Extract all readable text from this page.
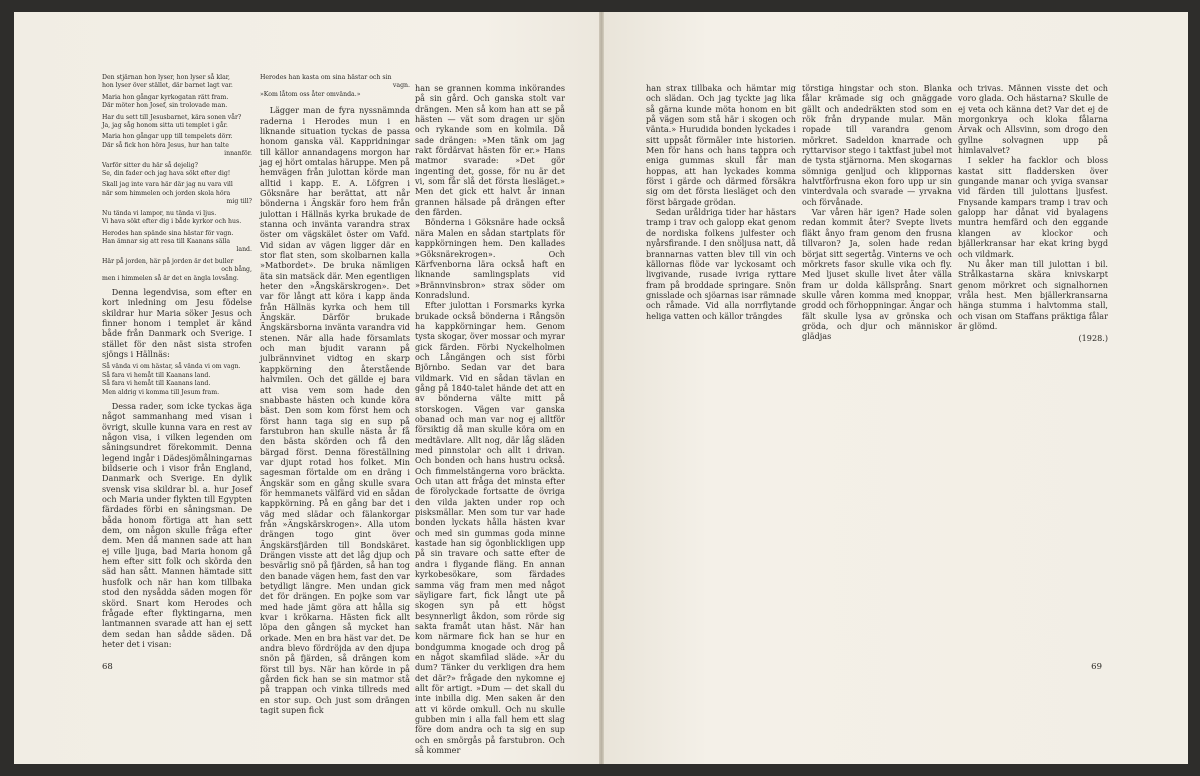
Den stjärnan hon lyser, hon lyser så klar,
hon lyser över stället, där barnet lagt var.
Maria hon gångar kyrkogatan rätt fram.
Där möter hon Josef, sin trolovade man.
Har du sett till Jesusbarnet, kära sonen vår?
Ja, jag såg honom sitta uti templet i går.
Maria hon gångar upp till tempelets dörr.
Där så fick hon höra Jesus, hur han talte
innanför.
Varför sitter du här så dejelig?
Se, din fader och jag hava sökt efter dig!
Skall jag inte vara här där jag nu vara vill
när som himmelen och jorden skola höra
mig till?
Nu tända vi lampor, nu tända vi ljus.
Vi hava sökt efter dig i både kyrkor och hus.
Herodes han spände sina hästar för vagn.
Han ämnar sig att resa till Kaanans sälla
land.
Här på jorden, här på jorden är det buller
och bång,
men i himmelen så är det en ängla lovsång.

Denna legendvisa, som efter en kort inledning om Jesu födelse skildrar hur Maria söker Jesus och finner honom i templet är känd både från Danmark och Sverige. I stället för den näst sista strofen sjöngs i Hällnäs:

Så vända vi om hästar, så vända vi om vagn.
Så fara vi hemåt till Kaanans land.
Så fara vi hemåt till Kaanans land.
Men aldrig vi komma till Jesum fram.

Dessa rader, som icke tyckas äga något sammanhang med visan i övrigt, skulle kunna vara en rest av någon visa, i vilken legenden om såningsundret förekommit. Denna legend ingår i Dädesjömålningarnas bildserie och i visor från England, Danmark och Sverige. En dylik svensk visa skildrar bl. a. hur Josef och Maria under flykten till Egypten färdades förbi en såningsman. De båda honom förtiga att han sett dem, om någon skulle fråga efter dem. Men då mannen sade att han ej ville ljuga, bad Maria honom gå hem efter sitt folk och skörda den säd han sått. Mannen hämtade sitt husfolk och när han kom tillbaka stod den nysådda säden mogen för skörd. Snart kom Herodes och frågade efter flyktingarna, men lantmannen svarade att han ej sett dem sedan han sådde säden. Då heter det i visan:

Herodes han kasta om sina hästar och sin
vagn.
»Kom låtom oss åter omvända.»

Lägger man de fyra nyssnämnda raderna i Herodes mun i en liknande situation tyckas de passa honom ganska väl. Kappridningar till källor annandagens morgon har jag ej hört omtalas häruppe. Men på hemvägen från julottan körde man alltid i kapp. E. A. Löfgren i Göksnäre har berättat, att når bönderna i Ängskär foro hem från julottan i Hällnäs kyrka brukade de stanna och invänta varandra strax öster om vägskälet öster om Vafd. Vid sidan av vägen ligger där en stor flat sten, som skolbarnen kalla »Matbordet». De bruka nämligen äta sin matsäck där. Men egentligen heter den »Ångskärskrogen». Det var för långt att köra i kapp ända från Hällnäs kyrka och hem till Ängskär. Därför brukade Ängskärsborna invänta varandra vid stenen. När alla hade församlats och man bjudit varann på julbrännvinet vidtog en skarp kappkörning den återstående halvmilen. Och det gällde ej bara att visa vem som hade den snabbaste hästen och kunde köra bäst. Den som kom först hem och först hann taga sig en sup på farstubron han skulle nästa år få den bästa skörden och få den bärgad först. Denna föreställning var djupt rotad hos folket. Min sagesman förtalde om en dräng i Ängskär som en gång skulle svara för hemmanets välfärd vid en sådan kappkörning. På en gång bar det i väg med slädar och fälankorgar från »Ängskärskrogen». Alla utom drängen togo gint över Ängskärsfjärden till Bondskäret. Drängen visste att det låg djup och besvärlig snö på fjärden, så han tog den banade vägen hem, fast den var betydligt längre. Men undan gick det för drängen. En pojke som var med hade jämt göra att hålla sig kvar i krökarna. Hästen fick allt löpa den gången så mycket han orkade. Men en bra häst var det. De andra blevo fördröjda av den djupa snön på fjärden, så drängen kom först till bys. När han körde in på gården fick han se sin matmor stå på trappan och vinka tillreds med en stor sup. Och just som drängen tagit supen fick

han se grannen komma inkörandes på sin gård. Och ganska stolt var drängen. Men så kom han att se på hästen — vät som dragen ur sjön och rykande som en kolmila. Då sade drängen: »Men tänk om jag rakt fördärvat hästen för er.» Hans matmor svarade: »Det gör ingenting det, gosse, för nu är det vi, som får slå det första liesläget.» Men det gick ett halvt år innan grannen hälsade på drängen efter den färden.

Bönderna i Göksnäre hade också nära Malen en sådan startplats för kappkörningen hem. Den kallades »Göksnärekrogen». Och Kärfvenborna lära också haft en liknande samlingsplats vid »Brännvinsbron» strax söder om Konradslund.

Efter julottan i Forsmarks kyrka brukade också bönderna i Rångsön ha kappkörningar hem. Genom tysta skogar, över mossar och myrar gick färden. Förbi Nyckelholmen och Långängen och sist förbi Björnbo. Sedan var det bara vildmark. Vid en sådan tävlan en gång på 1840-talet hände det att en av bönderna välte mitt på storskogen. Vägen var ganska obanad och man var nog ej alltför försiktig då man skulle köra om en medtävlare. Allt nog, där låg släden med pinnstolar och allt i drivan. Och bonden och hans hustru också. Och fimmelstängerna voro bräckta. Och utan att fråga det minsta efter de förolyckade fortsatte de övriga den vilda jakten under rop och pisksmällar. Men som tur var hade bonden lyckats hålla hästen kvar och med sin gummas goda minne kastade han sig ögonblickligen upp på sin travare och satte efter de andra i flygande fläng. En annan kyrkobesökare, som färdades samma väg fram men med något säyligare fart, fick långt ute på skogen syn på ett högst besynnerligt åkdon, som rörde sig sakta framåt utan häst. När han kom närmare fick han se hur en bondgumma knogade och drog på en något skamfilad släde. »Är du dum? Tänker du verkligen dra hem det där?» frågade den nykomne ej allt för artigt. »Dum — det skall du inte inbilla dig. Men saken är den att vi körde omkull. Och nu skulle gubben min i alla fall hem ett slag före dom andra och ta sig en sup och en smörgås på farstubron. Och så kommer

68

han strax tillbaka och hämtar mig och slädan. Och jag tyckte jag lika så gärna kunde möta honom en bit på vägen som stå här i skogen och vänta.» Hurudida bonden lyckades i sitt uppsåt förmäler inte historien. Men för hans och hans tappra och eniga gummas skull får man hoppas, att han lyckades komma först i gärde och därmed försäkra sig om det första liesläget och den först bärgade grödan.

Sedan uråldriga tider har hästars tramp i trav och galopp ekat genom de nordiska folkens julfester och nyårsfirande. I den snöljusa natt, då brannarnas vatten blev till vin och källornas flöde var lyckosamt och livgivande, rusade ivriga ryttare fram på broddade springare. Snön gnisslade och sjöarnas isar rämnade och råmade. Vid alla norrflytande heliga vatten och källor trängdes

törstiga hingstar och ston. Blanka fålar krämade sig och gnäggade gällt och andedräkten stod som en rök från drypande mular. Män ropade till varandra genom mörkret. Sadeldon knarrade och ryttarvisor stego i taktfast jubel mot de tysta stjärnorna. Men skogarnas sömniga genljud och klippornas halvtförfrusna ekon foro upp ur sin vinterdvala och svarade — yrvakna och förvånade.

Var våren här igen? Hade solen redan kommit åter? Svepte livets fläkt ånyo fram genom den frusna tillvaron? Ja, solen hade redan börjat sitt segertåg. Vinterns ve och mörkrets fasor skulle vika och fly. Med ljuset skulle livet åter välla fram ur dolda källsprång. Snart skulle våren komma med knoppar, grodd och förhoppningar. Ängar och fält skulle lysa av grönska och gröda, och djur och människor glädjas

och trivas. Männen visste det och voro glada. Och hästarna? Skulle de ej veta och känna det? Var det ej de morgonkrya och kloka fålarna Árvak och Allsvinn, som drogo den gyllne solvagnen upp på himlavalvet?

I sekler ha facklor och bloss kastat sitt fladdersken över gungande manar och yviga svansar vid färden till julottans ljusfest. Fnysande kampars tramp i trav och galopp har dånat vid byalagens muntra hemfärd och den eggande klangen av klockor och bjällerkransar har ekat kring bygd och vildmark.

Nu åker man till julottan i bil. Strålkastarna skära knivskarpt genom mörkret och signalhornen vråla hest. Men bjällerkransarna hänga stumma i halvtomma stall, och visan om Staffans präktiga fålar är glömd.

(1928.)
69
